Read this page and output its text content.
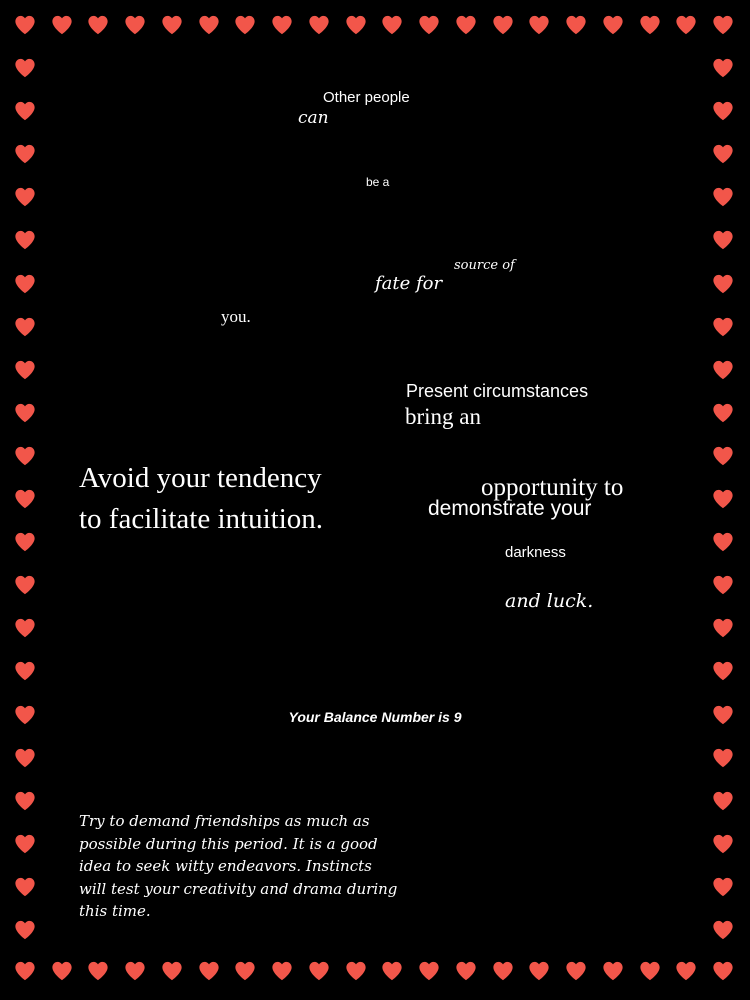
Other people
can
be a
source of
fate for
you.
Present circumstances
bring an
Avoid your tendency
to facilitate intuition.
opportunity to
demonstrate your
darkness
and luck.
Your Balance Number is 9
Try to demand friendships as much as possible during this period. It is a good idea to seek witty endeavors. Instincts will test your creativity and drama during this time.
